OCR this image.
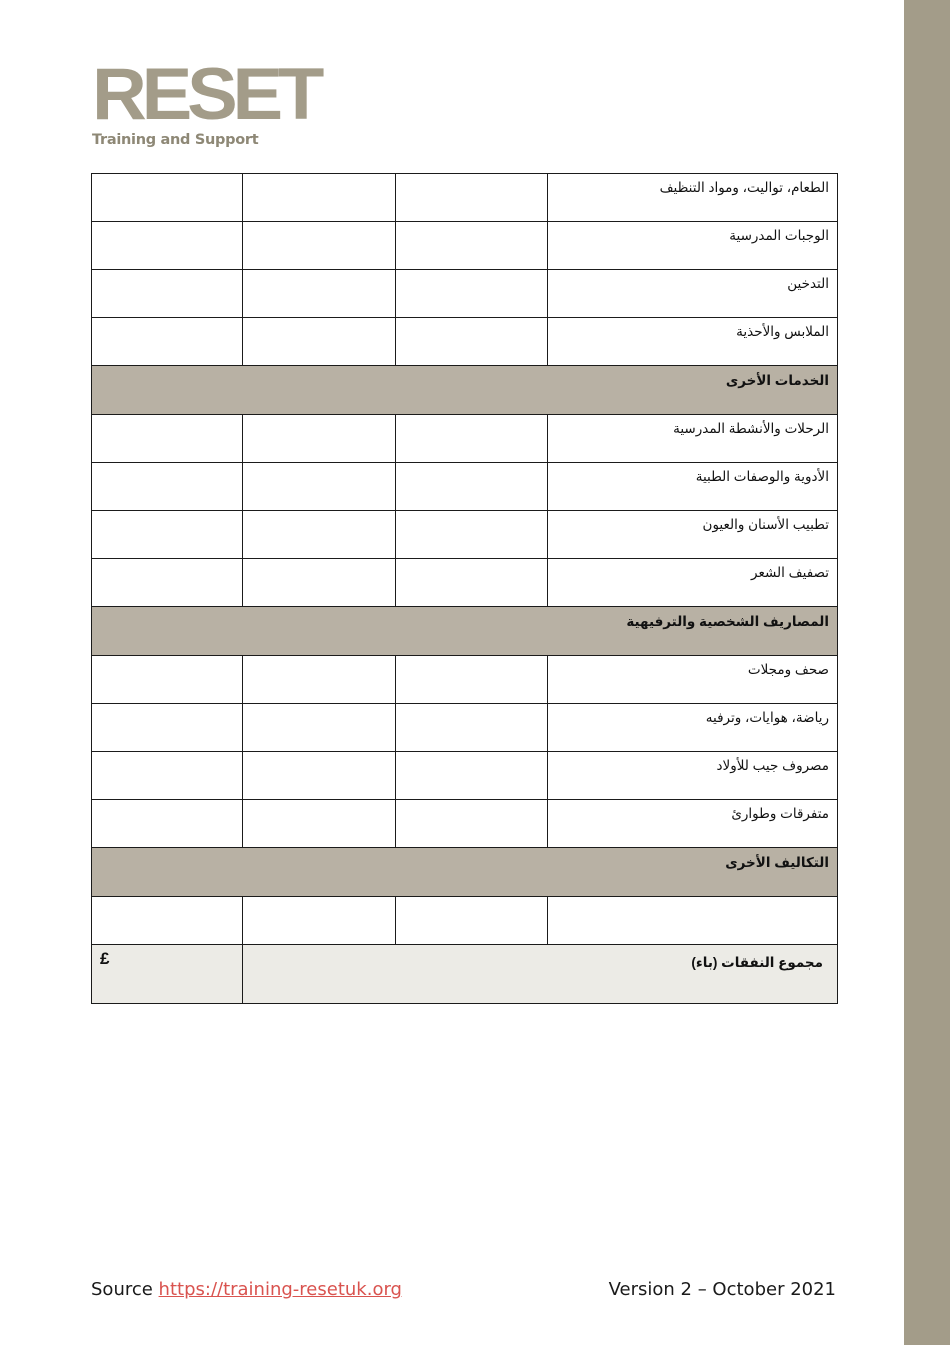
RESET
Training and Support
			الطعام، تواليت، ومواد التنظيف
			الوجبات المدرسية
			التدخين
			الملابس والأحذية
الخدمات الأخرى			
			الرحلات والأنشطة المدرسية
			الأدوية والوصفات الطبية
			تطبيب الأسنان والعيون
			تصفيف الشعر
المصاريف الشخصية والترفيهية			
			صحف ومجلات
			رياضة، هوايات، وترفيه
			مصروف جيب للأولاد
			متفرقات وطوارئ
التكاليف الأخرى			

£	مجموع النفقات (باء)		
Source https://training-resetuk.org	Version 2 – October 2021
